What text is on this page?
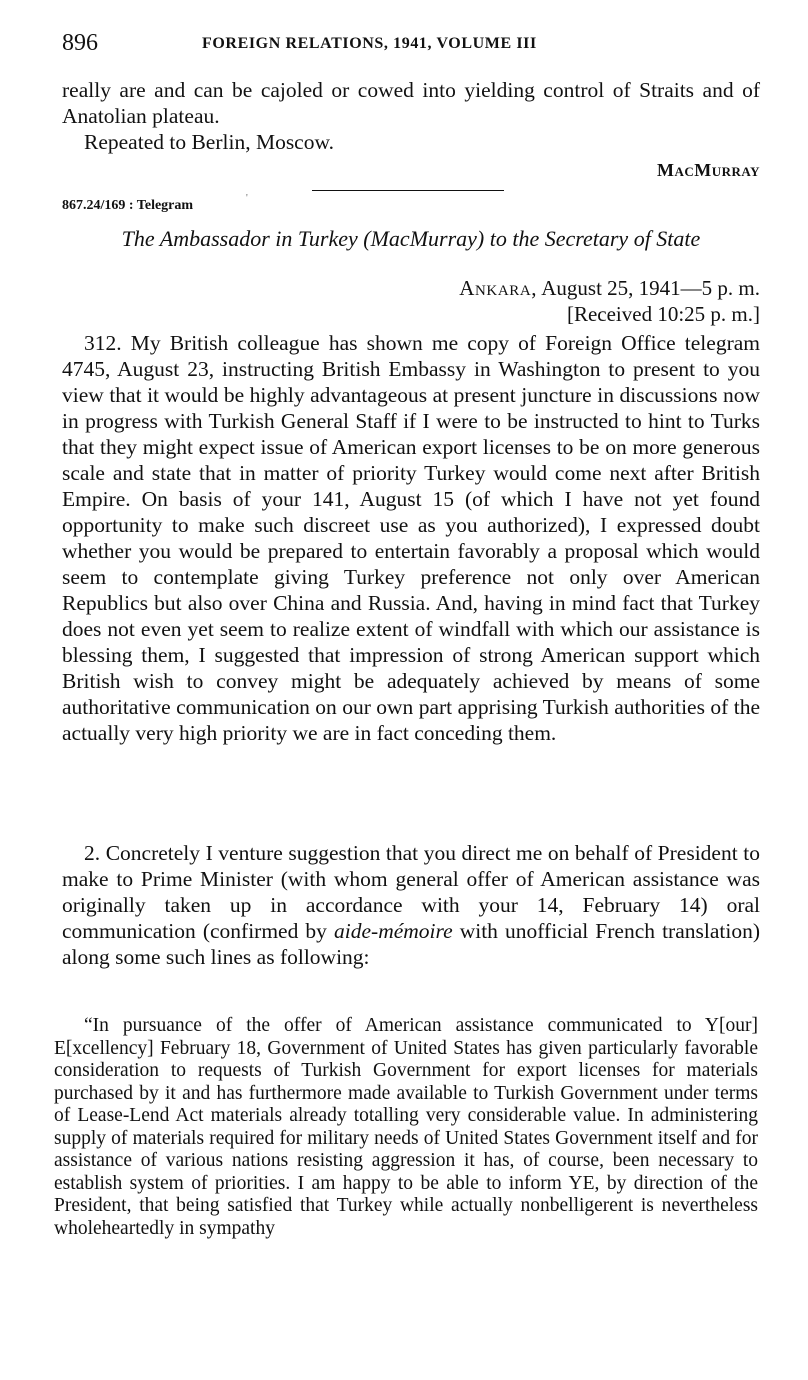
896	FOREIGN RELATIONS, 1941, VOLUME III
really are and can be cajoled or cowed into yielding control of Straits and of Anatolian plateau.
Repeated to Berlin, Moscow.
MacMurray
867.24/169 : Telegram	'
The Ambassador in Turkey (MacMurray) to the Secretary of State
Ankara, August 25, 1941—5 p. m.
[Received 10:25 p. m.]
312. My British colleague has shown me copy of Foreign Office telegram 4745, August 23, instructing British Embassy in Washington to present to you view that it would be highly advantageous at present juncture in discussions now in progress with Turkish General Staff if I were to be instructed to hint to Turks that they might expect issue of American export licenses to be on more generous scale and state that in matter of priority Turkey would come next after British Empire. On basis of your 141, August 15 (of which I have not yet found opportunity to make such discreet use as you authorized), I expressed doubt whether you would be prepared to entertain favorably a proposal which would seem to contemplate giving Turkey preference not only over American Republics but also over China and Russia. And, having in mind fact that Turkey does not even yet seem to realize extent of windfall with which our assistance is blessing them, I suggested that impression of strong American support which British wish to convey might be adequately achieved by means of some authoritative communication on our own part apprising Turkish authorities of the actually very high priority we are in fact conceding them.
2. Concretely I venture suggestion that you direct me on behalf of President to make to Prime Minister (with whom general offer of American assistance was originally taken up in accordance with your 14, February 14) oral communication (confirmed by aide-mémoire with unofficial French translation) along some such lines as following:
“In pursuance of the offer of American assistance communicated to Y[our] E[xcellency] February 18, Government of United States has given particularly favorable consideration to requests of Turkish Government for export licenses for materials purchased by it and has furthermore made available to Turkish Government under terms of Lease-Lend Act materials already totalling very considerable value. In administering supply of materials required for military needs of United States Government itself and for assistance of various nations resisting aggression it has, of course, been necessary to establish system of priorities. I am happy to be able to inform YE, by direction of the President, that being satisfied that Turkey while actually nonbelligerent is nevertheless wholeheartedly in sympathy
